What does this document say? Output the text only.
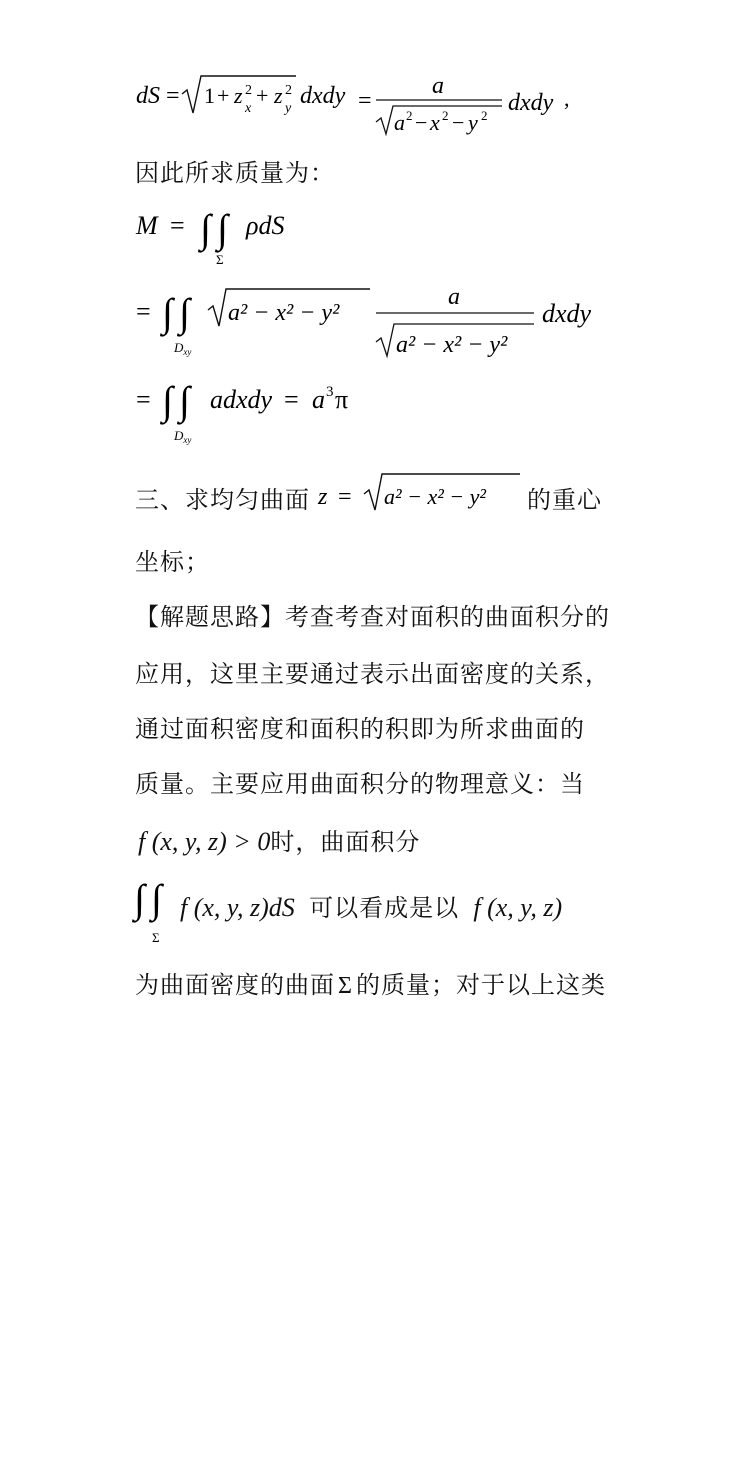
dS = 1 + z 2
x
+ z 2
y dxdy =
a
a 2 − x 2 − y 2 dxdy ,
因此所求质量为：
M = ∫ ∫
Σ
ρdS
= ∫ ∫
$D_{xy}$
a² − x² − y²
a
a² − x² − y²
dxdy
= ∫ ∫
$D_{xy}$
adxdy = a 3 π
三、求均匀曲面 z = a² − x² − y² 的重心
坐标；
【解题思路】考查考查对面积的曲面积分的
应用，这里主要通过表示出面密度的关系，
通过面积密度和面积的积即为所求曲面的
质量。主要应用曲面积分的物理意义：当
f (x, y, z) > 0时，曲面积分
∫ ∫
Σ
f (x, y, z)dS 可以看成是以 f (x, y, z)
为曲面密度的曲面 Σ 的质量；对于以上这类
